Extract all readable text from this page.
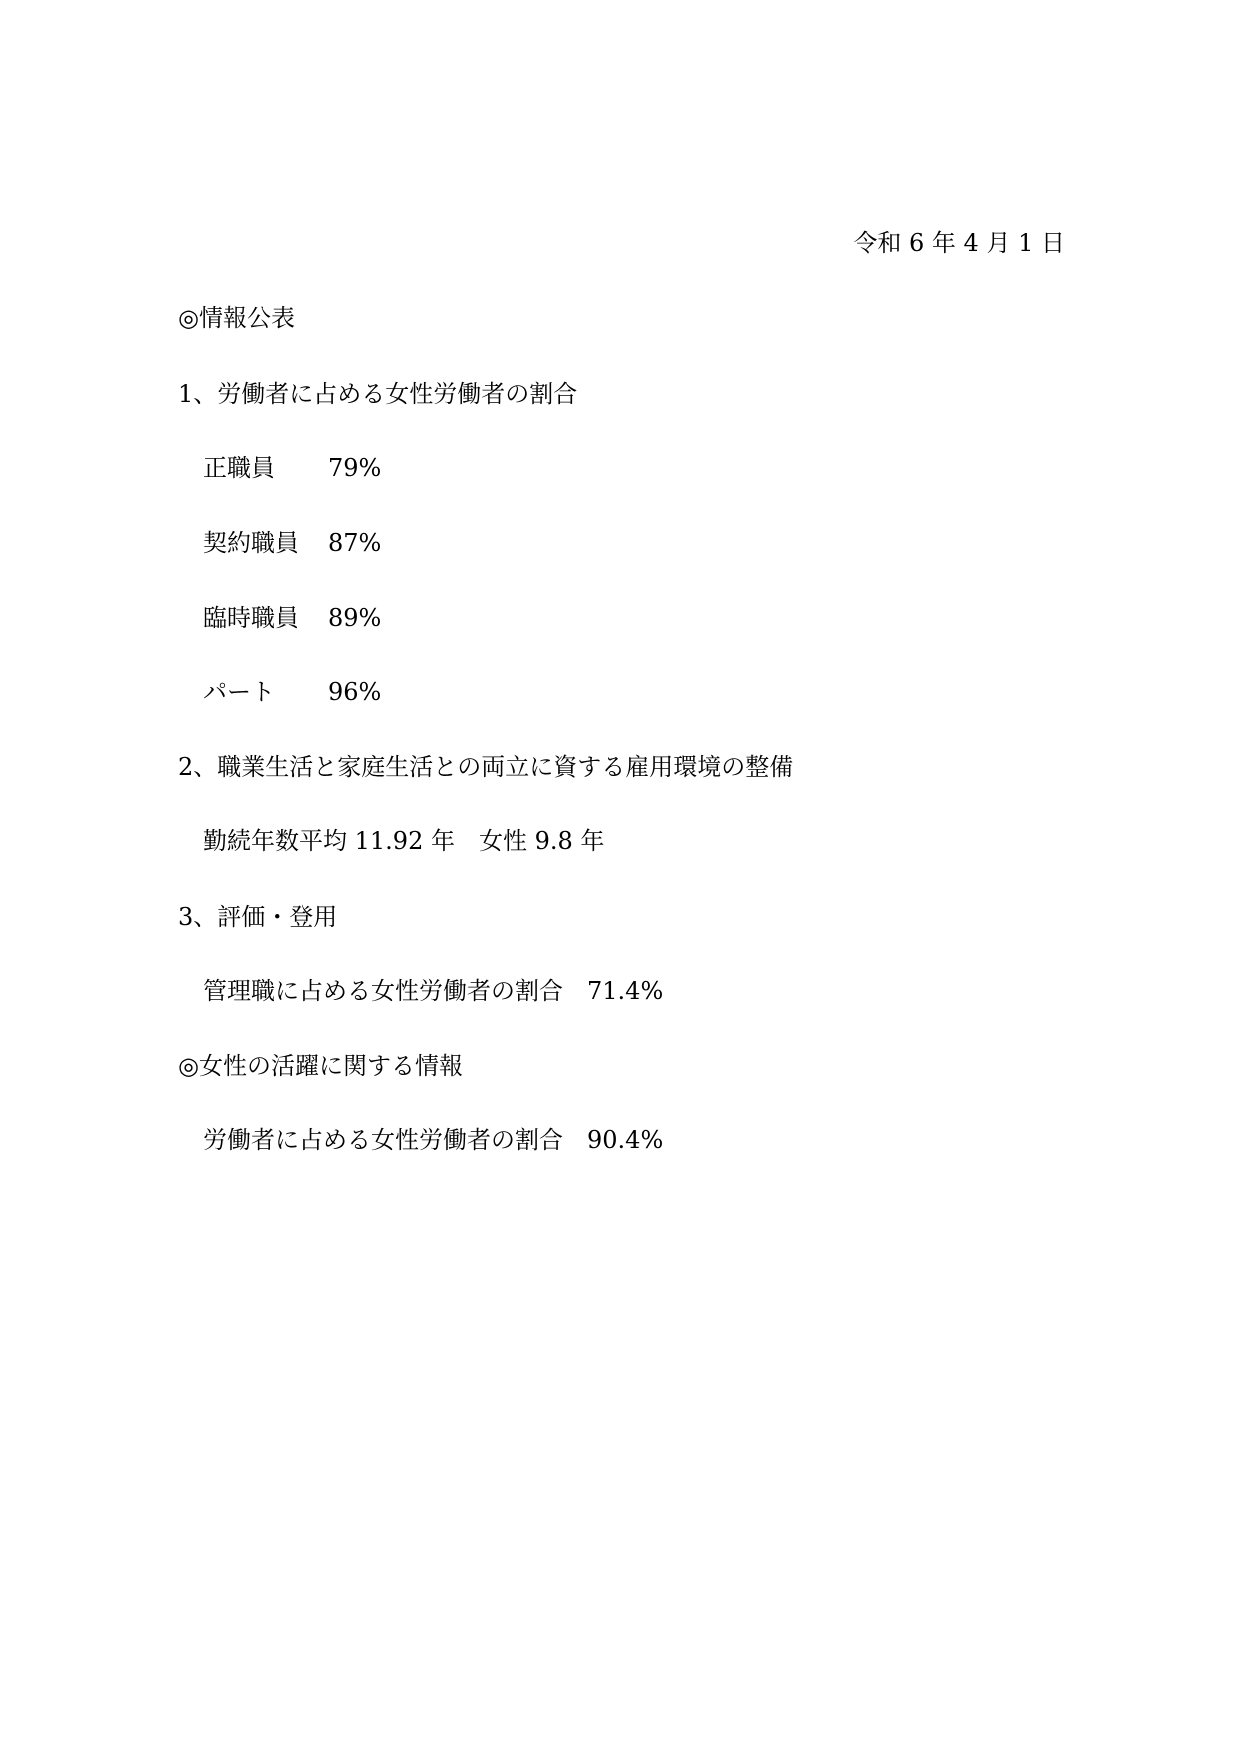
令和 6 年 4 月 1 日
◎情報公表
1、労働者に占める女性労働者の割合
正職員 79%
契約職員 87%
臨時職員 89%
パート 96%
2、職業生活と家庭生活との両立に資する雇用環境の整備
勤続年数平均 11.92 年 女性 9.8 年
3、評価・登用
管理職に占める女性労働者の割合 71.4%
◎女性の活躍に関する情報
労働者に占める女性労働者の割合 90.4%
